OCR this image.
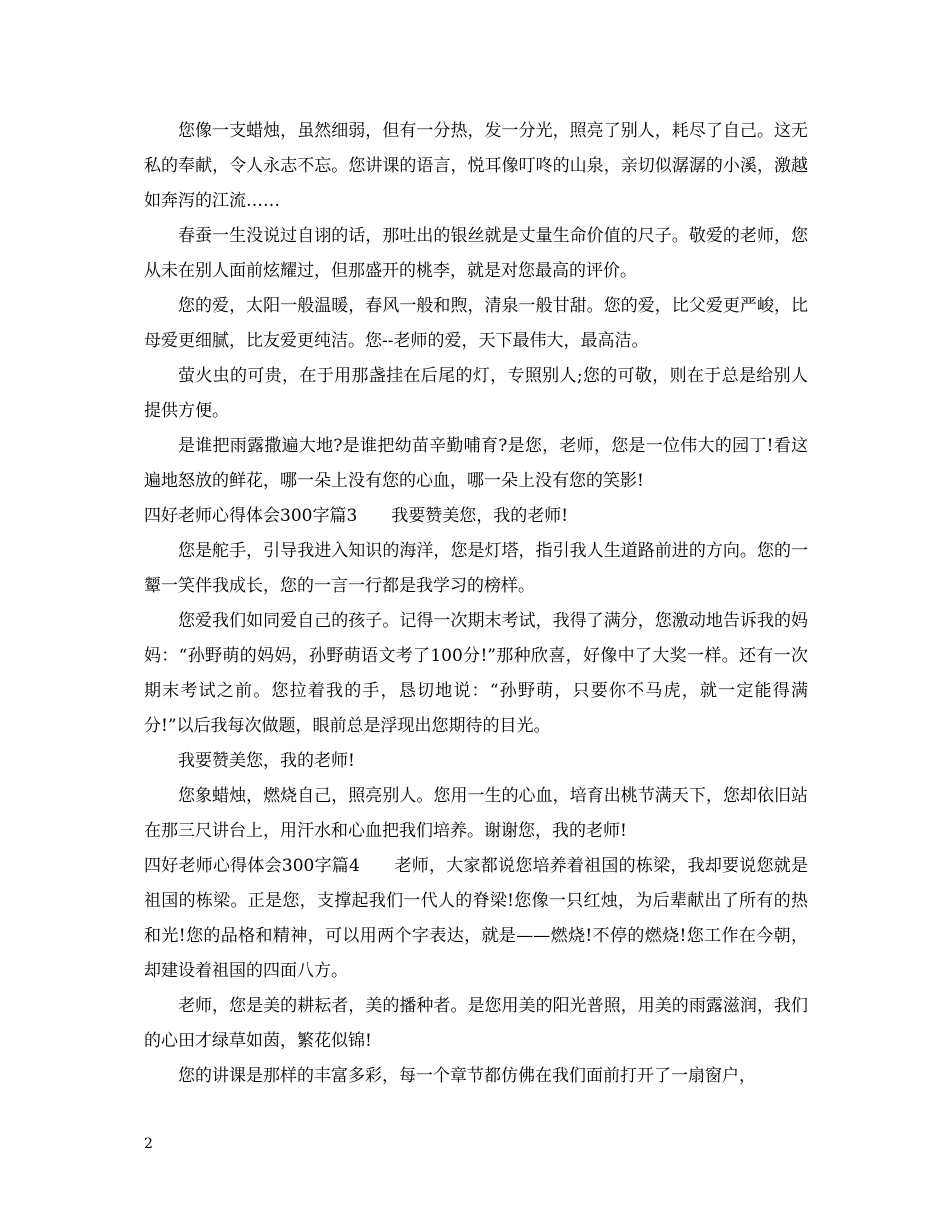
您像一支蜡烛，虽然细弱，但有一分热，发一分光，照亮了别人，耗尽了自己。这无私的奉献，令人永志不忘。您讲课的语言，悦耳像叮咚的山泉，亲切似潺潺的小溪，激越如奔泻的江流……

春蚕一生没说过自诩的话，那吐出的银丝就是丈量生命价值的尺子。敬爱的老师，您从未在别人面前炫耀过，但那盛开的桃李，就是对您最高的评价。

您的爱，太阳一般温暖，春风一般和煦，清泉一般甘甜。您的爱，比父爱更严峻，比母爱更细腻，比友爱更纯洁。您--老师的爱，天下最伟大，最高洁。

萤火虫的可贵，在于用那盏挂在后尾的灯，专照别人;您的可敬，则在于总是给别人提供方便。

是谁把雨露撒遍大地?是谁把幼苗辛勤哺育?是您，老师，您是一位伟大的园丁!看这遍地怒放的鲜花，哪一朵上没有您的心血，哪一朵上没有您的笑影!

四好老师心得体会300字篇3　　我要赞美您，我的老师!

您是舵手，引导我进入知识的海洋，您是灯塔，指引我人生道路前进的方向。您的一颦一笑伴我成长，您的一言一行都是我学习的榜样。

您爱我们如同爱自己的孩子。记得一次期末考试，我得了满分，您激动地告诉我的妈妈：“孙野萌的妈妈，孙野萌语文考了100分!”那种欣喜，好像中了大奖一样。还有一次期末考试之前。您拉着我的手，恳切地说：“孙野萌，只要你不马虎，就一定能得满分!”以后我每次做题，眼前总是浮现出您期待的目光。

我要赞美您，我的老师!

您象蜡烛，燃烧自己，照亮别人。您用一生的心血，培育出桃节满天下，您却依旧站在那三尺讲台上，用汗水和心血把我们培养。谢谢您，我的老师!

四好老师心得体会300字篇4　　老师，大家都说您培养着祖国的栋梁，我却要说您就是祖国的栋梁。正是您，支撑起我们一代人的脊梁!您像一只红烛，为后辈献出了所有的热和光!您的品格和精神，可以用两个字表达，就是——燃烧!不停的燃烧!您工作在今朝，却建设着祖国的四面八方。

老师，您是美的耕耘者，美的播种者。是您用美的阳光普照，用美的雨露滋润，我们的心田才绿草如茵，繁花似锦!

您的讲课是那样的丰富多彩，每一个章节都仿佛在我们面前打开了一扇窗户，

2
